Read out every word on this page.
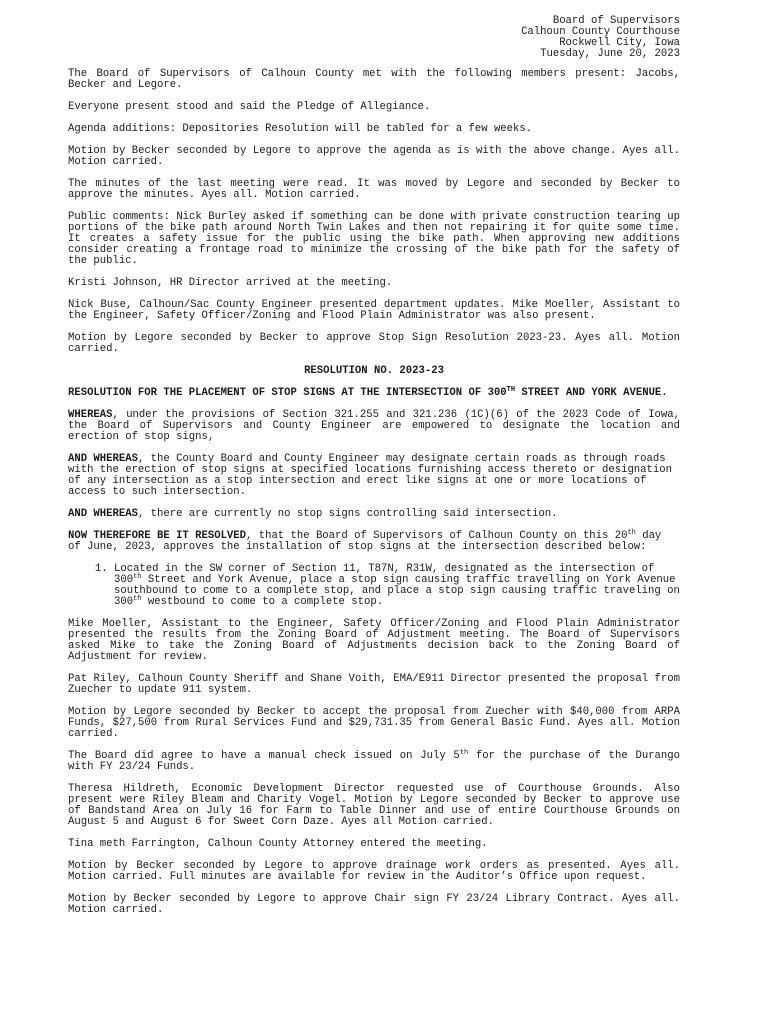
Board of Supervisors
Calhoun County Courthouse
Rockwell City, Iowa
Tuesday, June 20, 2023

The Board of Supervisors of Calhoun County met with the following members present: Jacobs, Becker and Legore.

Everyone present stood and said the Pledge of Allegiance.

Agenda additions: Depositories Resolution will be tabled for a few weeks.

Motion by Becker seconded by Legore to approve the agenda as is with the above change. Ayes all. Motion carried.

The minutes of the last meeting were read. It was moved by Legore and seconded by Becker to approve the minutes. Ayes all. Motion carried.

Public comments: Nick Burley asked if something can be done with private construction tearing up portions of the bike path around North Twin Lakes and then not repairing it for quite some time. It creates a safety issue for the public using the bike path. When approving new additions consider creating a frontage road to minimize the crossing of the bike path for the safety of the public.

Kristi Johnson, HR Director arrived at the meeting.

Nick Buse, Calhoun/Sac County Engineer presented department updates. Mike Moeller, Assistant to the Engineer, Safety Officer/Zoning and Flood Plain Administrator was also present.

Motion by Legore seconded by Becker to approve Stop Sign Resolution 2023-23. Ayes all. Motion carried.

RESOLUTION NO. 2023-23
RESOLUTION FOR THE PLACEMENT OF STOP SIGNS AT THE INTERSECTION OF 300TH STREET AND YORK AVENUE.

WHEREAS, under the provisions of Section 321.255 and 321.236 (1C)(6) of the 2023 Code of Iowa, the Board of Supervisors and County Engineer are empowered to designate the location and erection of stop signs,

AND WHEREAS, the County Board and County Engineer may designate certain roads as through roads with the erection of stop signs at specified locations furnishing access thereto or designation of any intersection as a stop intersection and erect like signs at one or more locations of access to such intersection.

AND WHEREAS, there are currently no stop signs controlling said intersection.

NOW THEREFORE BE IT RESOLVED, that the Board of Supervisors of Calhoun County on this 20th day of June, 2023, approves the installation of stop signs at the intersection described below:

1. Located in the SW corner of Section 11, T87N, R31W, designated as the intersection of 300th Street and York Avenue, place a stop sign causing traffic travelling on York Avenue southbound to come to a complete stop, and place a stop sign causing traffic traveling on 300th westbound to come to a complete stop.

Mike Moeller, Assistant to the Engineer, Safety Officer/Zoning and Flood Plain Administrator presented the results from the Zoning Board of Adjustment meeting. The Board of Supervisors asked Mike to take the Zoning Board of Adjustments decision back to the Zoning Board of Adjustment for review.

Pat Riley, Calhoun County Sheriff and Shane Voith, EMA/E911 Director presented the proposal from Zuecher to update 911 system.

Motion by Legore seconded by Becker to accept the proposal from Zuecher with $40,000 from ARPA Funds, $27,500 from Rural Services Fund and $29,731.35 from General Basic Fund. Ayes all. Motion carried.

The Board did agree to have a manual check issued on July 5th for the purchase of the Durango with FY 23/24 Funds.

Theresa Hildreth, Economic Development Director requested use of Courthouse Grounds. Also present were Riley Bleam and Charity Vogel. Motion by Legore seconded by Becker to approve use of Bandstand Area on July 16 for Farm to Table Dinner and use of entire Courthouse Grounds on August 5 and August 6 for Sweet Corn Daze. Ayes all Motion carried.

Tina meth Farrington, Calhoun County Attorney entered the meeting.

Motion by Becker seconded by Legore to approve drainage work orders as presented. Ayes all. Motion carried. Full minutes are available for review in the Auditor’s Office upon request.

Motion by Becker seconded by Legore to approve Chair sign FY 23/24 Library Contract. Ayes all. Motion carried.
